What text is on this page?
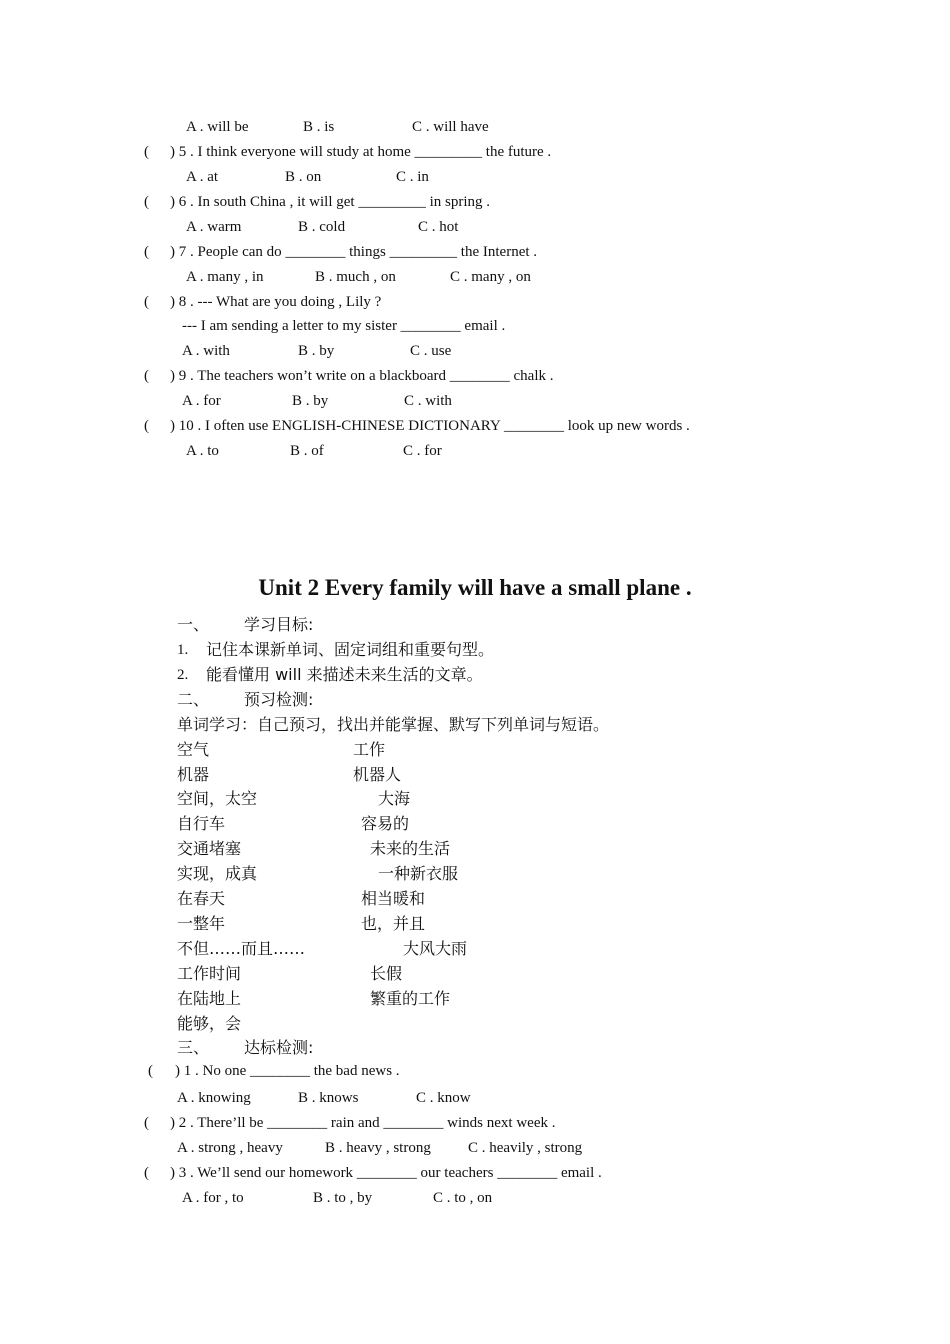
A . will be	B . is	C . will have
( ) 5 . I think everyone will study at home _________ the future .
A . at	B . on	C . in
( ) 6 . In south China , it will get _________ in spring .
A . warm	B . cold	C . hot
( ) 7 . People can do ________ things _________ the Internet .
A . many , in	B . much , on	C . many , on
( ) 8 . --- What are you doing , Lily ?
--- I am sending a letter to my sister ________ email .
A . with	B . by	C . use
( ) 9 . The teachers won’t write on a blackboard ________ chalk .
A . for	B . by	C . with
( ) 10 . I often use ENGLISH-CHINESE DICTIONARY ________ look up new words .
A . to	B . of	C . for
Unit 2 Every family will have a small plane .
一、 学习目标:
1. 记住本课新单词、固定词组和重要句型。
2. 能看懂用 will 来描述未来生活的文章。
二、 预习检测:
单词学习：自己预习，找出并能掌握、默写下列单词与短语。
空气	工作
机器	机器人
空间，太空	大海
自行车	容易的
交通堵塞	未来的生活
实现，成真	一种新衣服
在春天	相当暖和
一整年	也，并且
不但……而且……	大风大雨
工作时间	长假
在陆地上	繁重的工作
能够，会
三、 达标检测:
( ) 1 . No one ________ the bad news .
A . knowing	B . knows	C . know
( ) 2 . There’ll be ________ rain and ________ winds next week .
A . strong , heavy	B . heavy , strong C . heavily , strong
( ) 3 . We’ll send our homework ________ our teachers ________ email .
A . for , to	B . to , by	C . to , on
